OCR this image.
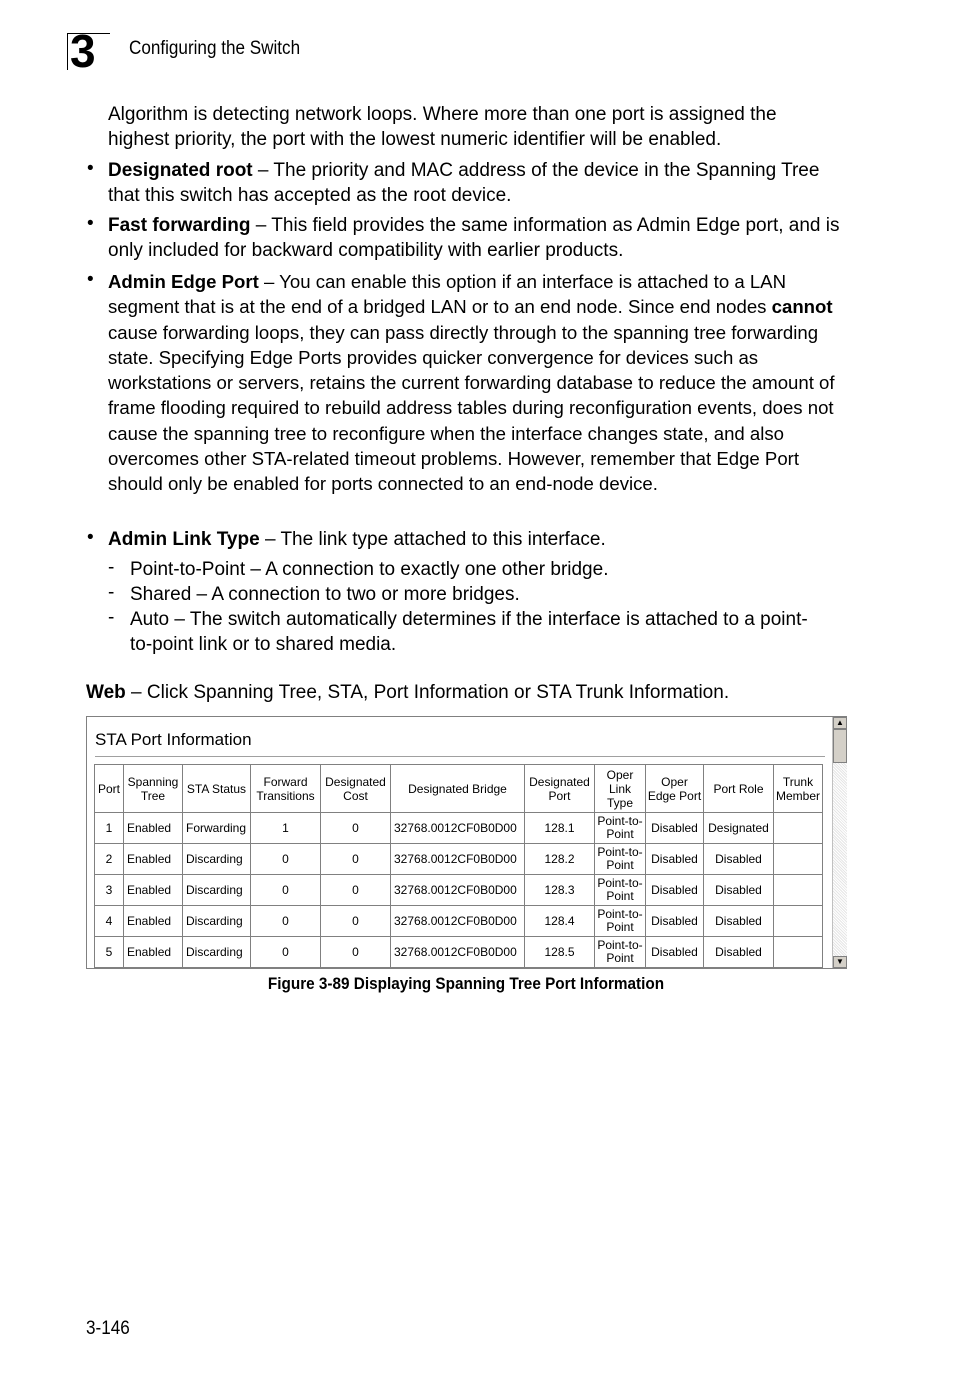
3 Configuring the Switch
Algorithm is detecting network loops. Where more than one port is assigned the highest priority, the port with the lowest numeric identifier will be enabled.
• Designated root – The priority and MAC address of the device in the Spanning Tree that this switch has accepted as the root device.
• Fast forwarding – This field provides the same information as Admin Edge port, and is only included for backward compatibility with earlier products.
• Admin Edge Port – You can enable this option if an interface is attached to a LAN segment that is at the end of a bridged LAN or to an end node. Since end nodes cannot cause forwarding loops, they can pass directly through to the spanning tree forwarding state. Specifying Edge Ports provides quicker convergence for devices such as workstations or servers, retains the current forwarding database to reduce the amount of frame flooding required to rebuild address tables during reconfiguration events, does not cause the spanning tree to reconfigure when the interface changes state, and also overcomes other STA-related timeout problems. However, remember that Edge Port should only be enabled for ports connected to an end-node device.
• Admin Link Type – The link type attached to this interface.
- Point-to-Point – A connection to exactly one other bridge.
- Shared – A connection to two or more bridges.
- Auto – The switch automatically determines if the interface is attached to a point-to-point link or to shared media.
Web – Click Spanning Tree, STA, Port Information or STA Trunk Information.
STA Port Information
Port	Spanning Tree	STA Status	Forward Transitions	Designated Cost	Designated Bridge	Designated Port	Oper Link Type	Oper Edge Port	Port Role	Trunk Member
1	Enabled	Forwarding	1	0	32768.0012CF0B0D00	128.1	Point-to-Point	Disabled	Designated	
2	Enabled	Discarding	0	0	32768.0012CF0B0D00	128.2	Point-to-Point	Disabled	Disabled	
3	Enabled	Discarding	0	0	32768.0012CF0B0D00	128.3	Point-to-Point	Disabled	Disabled	
4	Enabled	Discarding	0	0	32768.0012CF0B0D00	128.4	Point-to-Point	Disabled	Disabled	
5	Enabled	Discarding	0	0	32768.0012CF0B0D00	128.5	Point-to-Point	Disabled	Disabled	
▲
▼
Figure 3-89 Displaying Spanning Tree Port Information
3-146
